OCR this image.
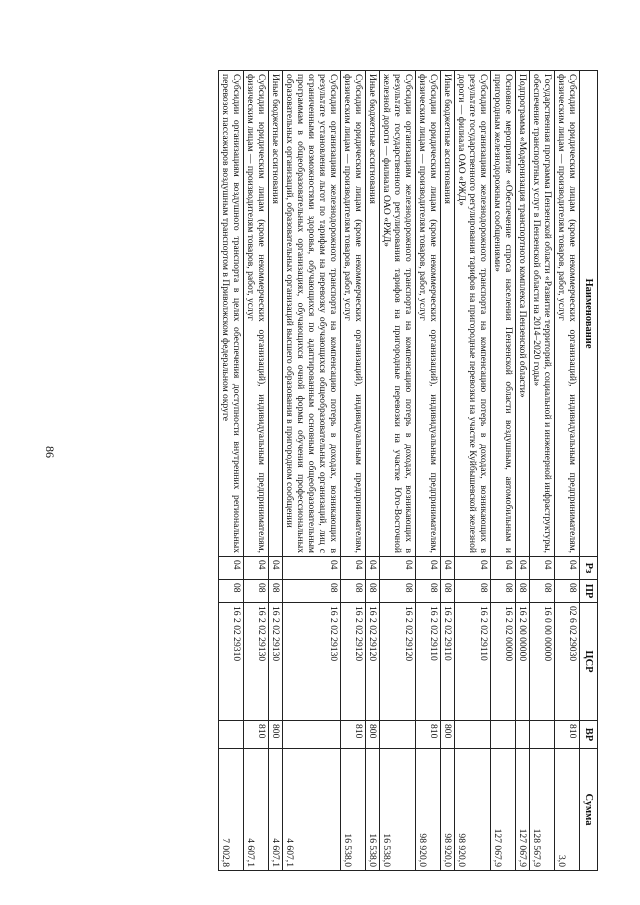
86
Наименование	Рз	ПР	ЦСР	ВР	Сумма
Субсидии юридическим лицам (кроме некоммерческих организаций), индивидуальным предпринимателям, физическим лицам — производителям товаров, работ, услуг	04	08	02 6 02 29030	810	3,0
Государственная программа Пензенской области «Развитие территорий, социальной и инженерной инфраструктуры, обеспечение транспортных услуг в Пензенской области на 2014–2020 годы»	04	08	16 0 00 00000		128 567,9
Подпрограмма «Модернизация транспортного комплекса Пензенской области»	04	08	16 2 00 00000		127 067,9
Основное мероприятие «Обеспечение спроса населения Пензенской области воздушным, автомобильным и пригородным железнодорожным сообщениями»	04	08	16 2 02 00000		127 067,9
Субсидии организациям железнодорожного транспорта на компенсацию потерь в доходах, возникающих в результате государственного регулирования тарифов на пригородные перевозки на участке Куйбышевской железной дороги — филиала ОАО «РЖД»	04	08	16 2 02 29110		98 920,0
Иные бюджетные ассигнования	04	08	16 2 02 29110	800	98 920,0
Субсидии юридическим лицам (кроме некоммерческих организаций), индивидуальным предпринимателям, физическим лицам — производителям товаров, работ, услуг	04	08	16 2 02 29110	810	98 920,0
Субсидии организациям железнодорожного транспорта на компенсацию потерь в доходах, возникающих в результате государственного регулирования тарифов на пригородные перевозки на участке Юго-Восточной железной дороги — филиала ОАО «РЖД»	04	08	16 2 02 29120		16 538,0
Иные бюджетные ассигнования	04	08	16 2 02 29120	800	16 538,0
Субсидии юридическим лицам (кроме некоммерческих организаций), индивидуальным предпринимателям, физическим лицам — производителям товаров, работ, услуг	04	08	16 2 02 29120	810	16 538,0
Субсидии организациям железнодорожного транспорта на компенсацию потерь в доходах, возникающих в результате установления льгот по тарифам на перевозку обучающихся общеобразовательных организаций, лиц с ограниченными возможностями здоровья, обучающихся по адаптированным основным общеобразовательным программам в общеобразовательных организациях, обучающихся очной формы обучения профессиональных образовательных организаций, образовательных организаций высшего образования в пригородном сообщении	04	08	16 2 02 29130		4 607,1
Иные бюджетные ассигнования	04	08	16 2 02 29130	800	4 607,1
Субсидии юридическим лицам (кроме некоммерческих организаций), индивидуальным предпринимателям, физическим лицам — производителям товаров, работ, услуг	04	08	16 2 02 29130	810	4 607,1
Субсидии организациям воздушного транспорта в целях обеспечения доступности внутренних региональных перевозок пассажиров воздушным транспортом в Приволжском федеральном округе	04	08	16 2 02 29310		7 002,8
